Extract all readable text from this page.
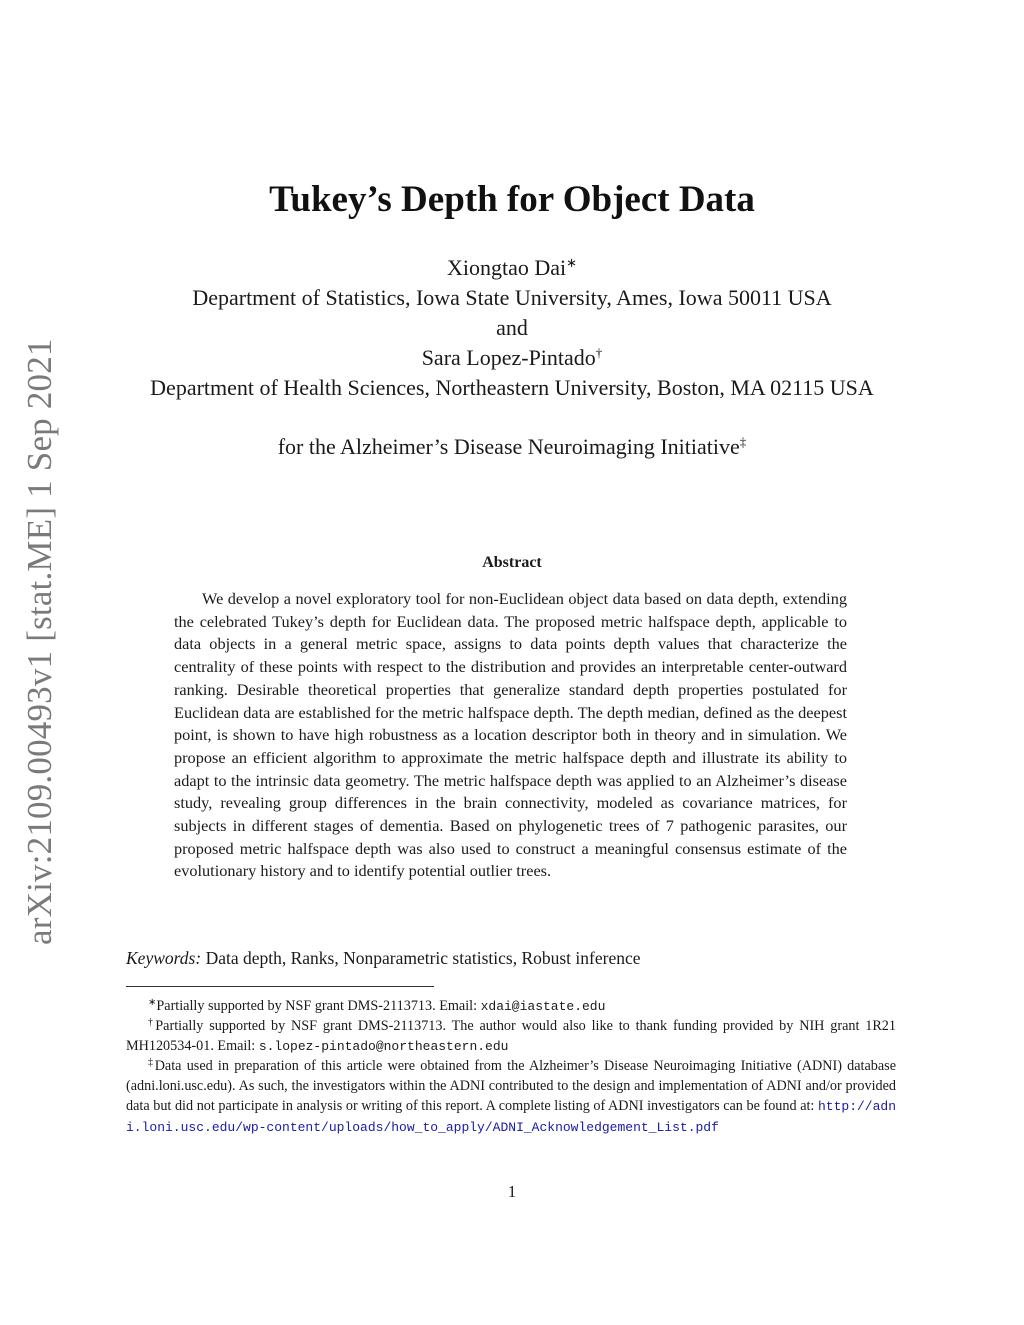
arXiv:2109.00493v1 [stat.ME] 1 Sep 2021
Tukey’s Depth for Object Data
Xiongtao Dai∗
Department of Statistics, Iowa State University, Ames, Iowa 50011 USA
and
Sara Lopez-Pintado†
Department of Health Sciences, Northeastern University, Boston, MA 02115 USA
for the Alzheimer’s Disease Neuroimaging Initiative‡
Abstract
We develop a novel exploratory tool for non-Euclidean object data based on data depth, extending the celebrated Tukey’s depth for Euclidean data. The proposed metric halfspace depth, applicable to data objects in a general metric space, assigns to data points depth values that characterize the centrality of these points with respect to the distribution and provides an interpretable center-outward ranking. Desirable theoretical properties that generalize standard depth properties postulated for Euclidean data are established for the metric halfspace depth. The depth median, defined as the deepest point, is shown to have high robustness as a location descriptor both in theory and in simulation. We propose an efficient algorithm to approximate the metric halfspace depth and illustrate its ability to adapt to the intrinsic data geometry. The metric halfspace depth was applied to an Alzheimer’s disease study, revealing group differences in the brain connectivity, modeled as covariance matrices, for subjects in different stages of dementia. Based on phylogenetic trees of 7 pathogenic parasites, our proposed metric halfspace depth was also used to construct a meaningful consensus estimate of the evolutionary history and to identify potential outlier trees.
Keywords: Data depth, Ranks, Nonparametric statistics, Robust inference
∗Partially supported by NSF grant DMS-2113713. Email: xdai@iastate.edu
†Partially supported by NSF grant DMS-2113713. The author would also like to thank funding provided by NIH grant 1R21 MH120534-01. Email: s.lopez-pintado@northeastern.edu
‡Data used in preparation of this article were obtained from the Alzheimer’s Disease Neuroimaging Initiative (ADNI) database (adni.loni.usc.edu). As such, the investigators within the ADNI contributed to the design and implementation of ADNI and/or provided data but did not participate in analysis or writing of this report. A complete listing of ADNI investigators can be found at: http://adni.loni.usc.edu/wp-content/uploads/how_to_apply/ADNI_Acknowledgement_List.pdf
1
